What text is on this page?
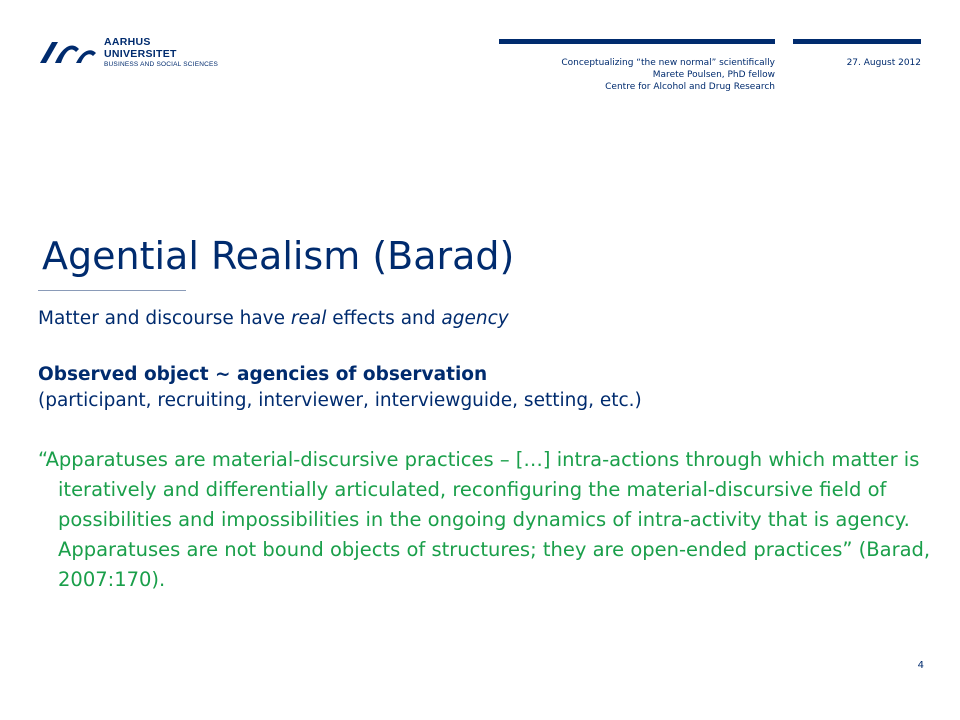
AARHUS
UNIVERSITET
BUSINESS AND SOCIAL SCIENCES	Conceptualizing “the new normal” scientifically
Marete Poulsen, PhD fellow
Centre for Alcohol and Drug Research
27. August 2012
Agential Realism (Barad)

Matter and discourse have real effects and agency

Observed object ~ agencies of observation

(participant, recruiting, interviewer, interviewguide, setting, etc.)

“Apparatuses are material-discursive practices – […] intra-actions through which matter is iteratively and differentially articulated, reconfiguring the material-discursive field of possibilities and impossibilities in the ongoing dynamics of intra-activity that is agency. Apparatuses are not bound objects of structures; they are open-ended practices” (Barad, 2007:170).

4
